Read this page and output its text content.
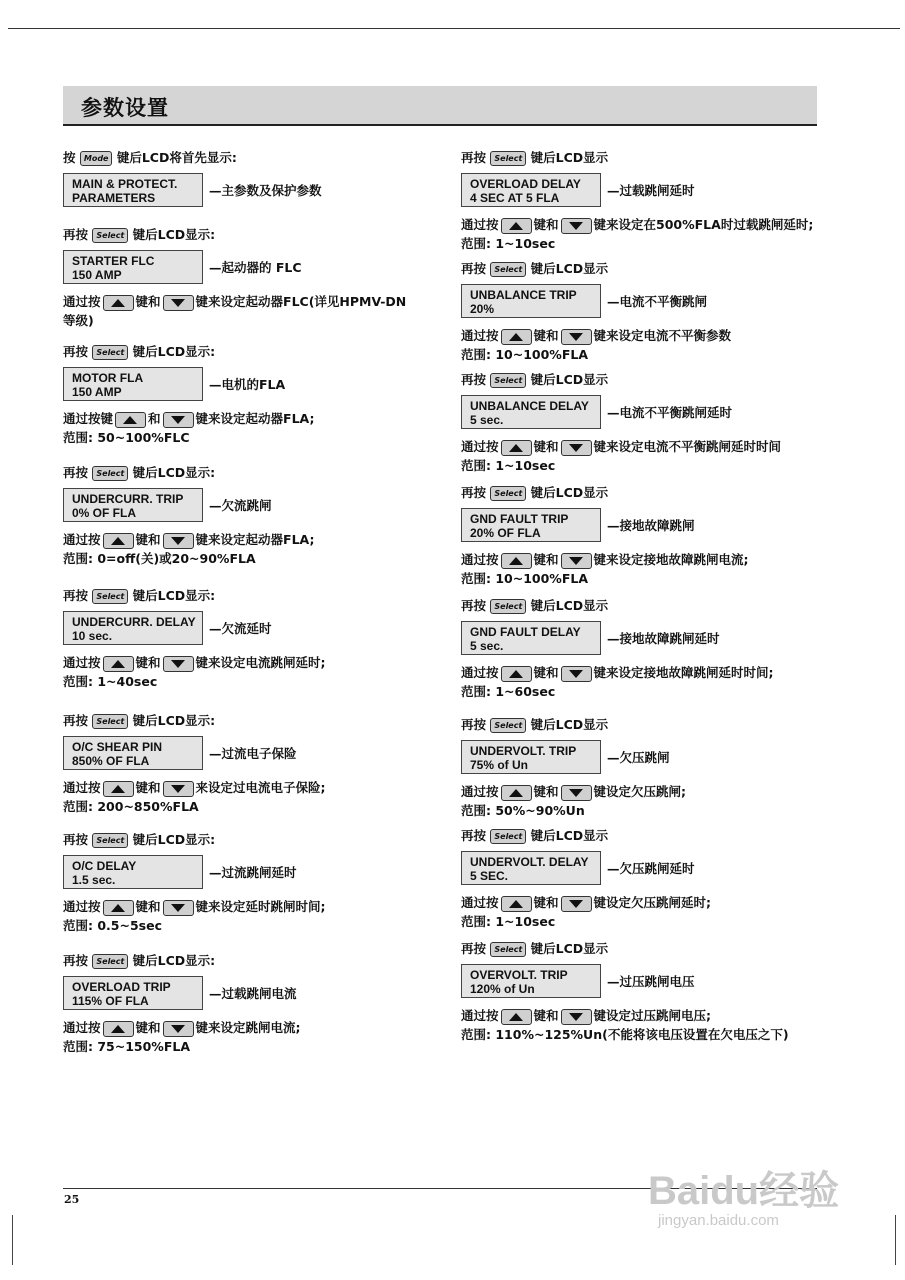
参数设置
按 Mode 键后LCD将首先显示:
MAIN & PROTECT.
PARAMETERS	—主参数及保护参数
再按 Select 键后LCD显示:
STARTER FLC
150 AMP	—起动器的 FLC
通过按	键和	键来设定起动器FLC(详见HPMV-DN等级)
再按 Select 键后LCD显示:
MOTOR FLA
150 AMP	—电机的FLA
通过按键	和	键来设定起动器FLA;
范围: 50~100%FLC
再按 Select 键后LCD显示:
UNDERCURR. TRIP
0% OF FLA	—欠流跳闸
通过按	键和	键来设定起动器FLA;
范围: 0=off(关)或20~90%FLA
再按 Select 键后LCD显示:
UNDERCURR. DELAY
10 sec.	—欠流延时
通过按	键和	键来设定电流跳闸延时;
范围: 1~40sec
再按 Select 键后LCD显示:
O/C SHEAR PIN
850% OF FLA	—过流电子保险
通过按	键和	来设定过电流电子保险;
范围: 200~850%FLA
再按 Select 键后LCD显示:
O/C DELAY
1.5 sec.	—过流跳闸延时
通过按	键和	键来设定延时跳闸时间;
范围: 0.5~5sec
再按 Select 键后LCD显示:
OVERLOAD TRIP
115% OF FLA	—过载跳闸电流
通过按	键和	键来设定跳闸电流;
范围: 75~150%FLA
再按 Select 键后LCD显示
OVERLOAD DELAY
4 SEC AT 5 FLA	—过载跳闸延时
通过按	键和	键来设定在500%FLA时过载跳闸延时;
范围: 1~10sec
再按 Select 键后LCD显示
UNBALANCE TRIP
20%	—电流不平衡跳闸
通过按	键和	键来设定电流不平衡参数
范围: 10~100%FLA
再按 Select 键后LCD显示
UNBALANCE DELAY
5 sec.	—电流不平衡跳闸延时
通过按	键和	键来设定电流不平衡跳闸延时时间
范围: 1~10sec
再按 Select 键后LCD显示
GND FAULT TRIP
20% OF FLA	—接地故障跳闸
通过按	键和	键来设定接地故障跳闸电流;
范围: 10~100%FLA
再按 Select 键后LCD显示
GND FAULT DELAY
5 sec.	—接地故障跳闸延时
通过按	键和	键来设定接地故障跳闸延时时间;
范围: 1~60sec
再按 Select 键后LCD显示
UNDERVOLT. TRIP
75% of Un	—欠压跳闸
通过按	键和	键设定欠压跳闸;
范围: 50%~90%Un
再按 Select 键后LCD显示
UNDERVOLT. DELAY
5 SEC.	—欠压跳闸延时
通过按	键和	键设定欠压跳闸延时;
范围: 1~10sec
再按 Select 键后LCD显示
OVERVOLT. TRIP
120% of Un	—过压跳闸电压
通过按	键和	键设定过压跳闸电压;
范围: 110%~125%Un(不能将该电压设置在欠电压之下)
25	Baidu经验
jingyan.baidu.com
